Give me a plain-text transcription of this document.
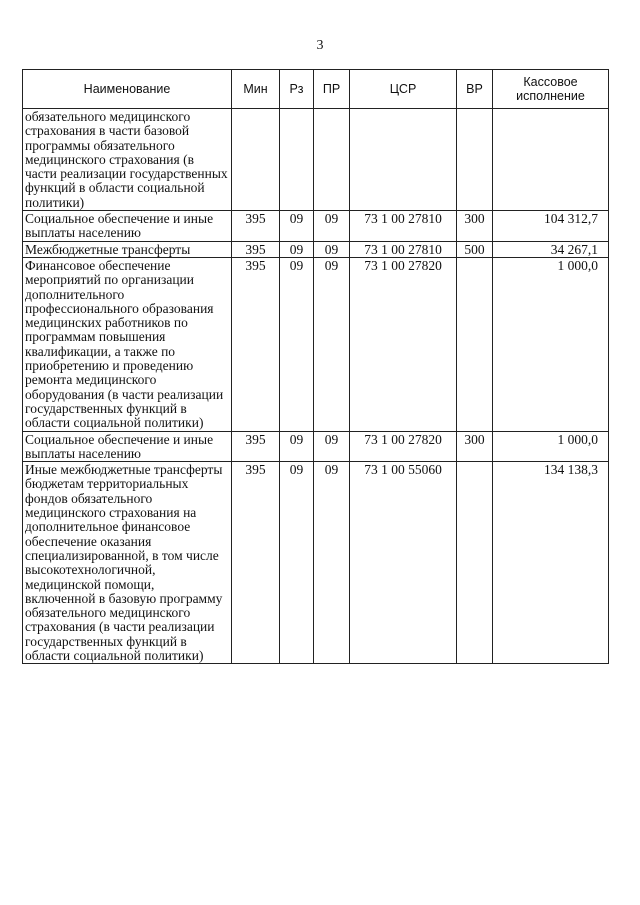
3
Наименование	Мин	Рз	ПР	ЦСР	ВР	Кассовое исполнение
обязательного медицинского страхования в части базовой программы обязательного медицинского страхования (в части реализации государственных функций в области социальной политики)						
Социальное обеспечение и иные выплаты населению	395	09	09	73 1 00 27810	300	104 312,7
Межбюджетные трансферты	395	09	09	73 1 00 27810	500	34 267,1
Финансовое обеспечение мероприятий по организации дополнительного профессионального образования медицинских работников по программам повышения квалификации, а также по приобретению и проведению ремонта медицинского оборудования (в части реализации государственных функций в области социальной политики)	395	09	09	73 1 00 27820		1 000,0
Социальное обеспечение и иные выплаты населению	395	09	09	73 1 00 27820	300	1 000,0
Иные межбюджетные трансферты бюджетам территориальных фондов обязательного медицинского страхования на дополнительное финансовое обеспечение оказания специализированной, в том числе высокотехнологичной, медицинской помощи, включенной в базовую программу обязательного медицинского страхования (в части реализации государственных функций в области социальной политики)	395	09	09	73 1 00 55060		134 138,3
